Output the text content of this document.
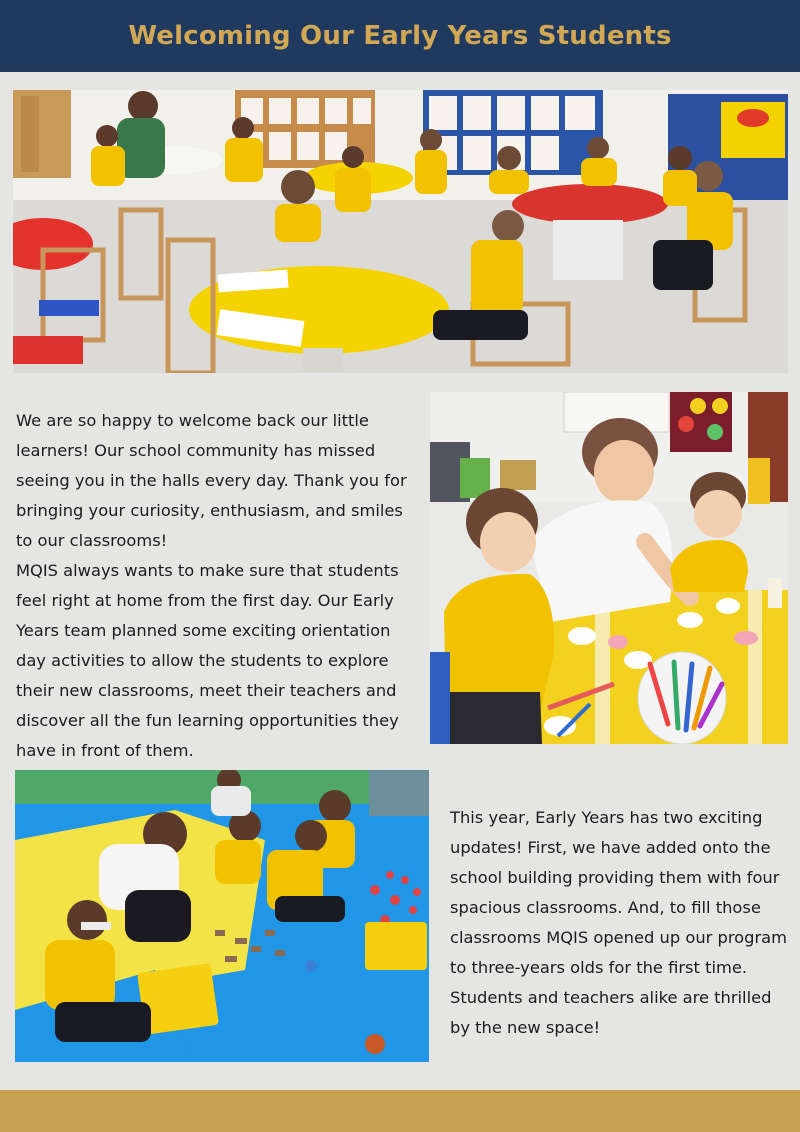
Welcoming Our Early Years Students

We are so happy to welcome back our little learners! Our school community has missed seeing you in the halls every day. Thank you for bringing your curiosity, enthusiasm, and smiles to our classrooms!

MQIS always wants to make sure that students feel right at home from the first day. Our Early Years team planned some exciting orientation day activities to allow the students to explore their new classrooms, meet their teachers and discover all the fun learning opportunities they have in front of them.

This year, Early Years has two exciting updates! First, we have added onto the school building providing them with four spacious classrooms. And, to fill those classrooms MQIS opened up our program to three-years olds for the first time. Students and teachers alike are thrilled by the new space!
